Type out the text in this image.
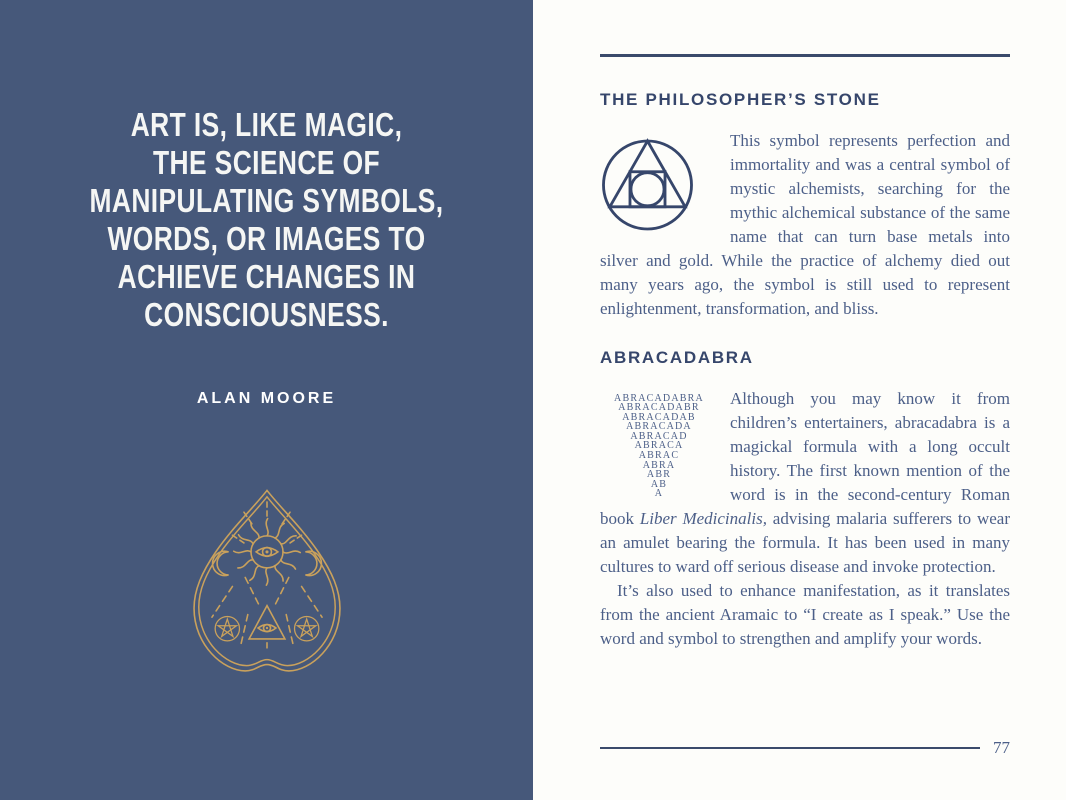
ART IS, LIKE MAGIC,
THE SCIENCE OF
MANIPULATING SYMBOLS,
WORDS, OR IMAGES TO
ACHIEVE CHANGES IN
CONSCIOUSNESS.
ALAN MOORE
THE PHILOSOPHER’S STONE

This symbol represents perfection and immortality and was a central symbol of mystic alchemists, searching for the mythic alchemical substance of the same name that can turn base metals into silver and gold. While the practice of alchemy died out many years ago, the symbol is still used to represent enlightenment, transformation, and bliss.

ABRACADABRA
ABRACADABRA
ABRACADABR
ABRACADAB
ABRACADA
ABRACAD
ABRACA
ABRAC
ABRA
ABR
AB
A

Although you may know it from children’s entertainers, abracadabra is a magickal formula with a long occult history. The first known mention of the word is in the second-century Roman book Liber Medicinalis, advising malaria sufferers to wear an amulet bearing the formula. It has been used in many cultures to ward off serious disease and invoke protection.

It’s also used to enhance manifestation, as it translates from the ancient Aramaic to “I create as I speak.” Use the word and symbol to strengthen and amplify your words.

77
